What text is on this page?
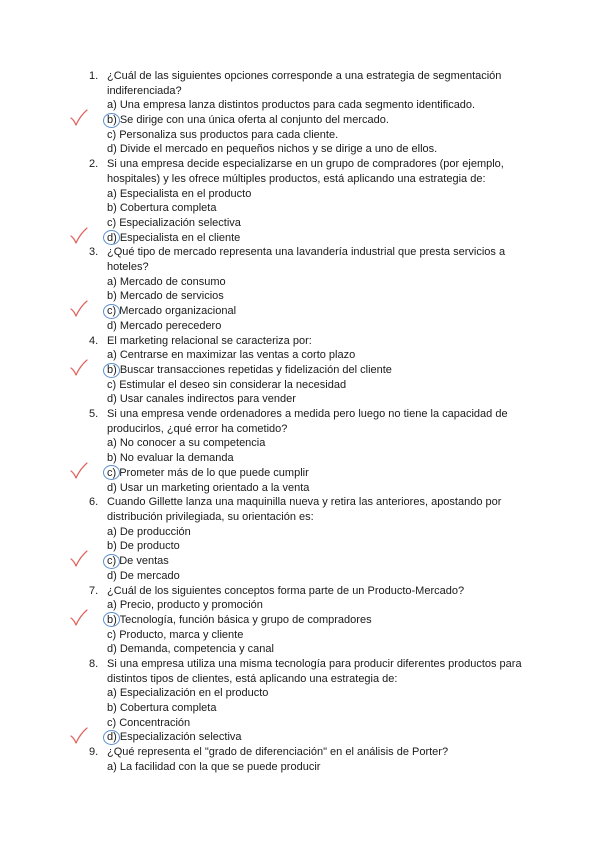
1. ¿Cuál de las siguientes opciones corresponde a una estrategia de segmentación
indiferenciada?
a) Una empresa lanza distintos productos para cada segmento identificado.
b) Se dirige con una única oferta al conjunto del mercado.
c) Personaliza sus productos para cada cliente.
d) Divide el mercado en pequeños nichos y se dirige a uno de ellos.
2. Si una empresa decide especializarse en un grupo de compradores (por ejemplo,
hospitales) y les ofrece múltiples productos, está aplicando una estrategia de:
a) Especialista en el producto
b) Cobertura completa
c) Especialización selectiva
d) Especialista en el cliente
3. ¿Qué tipo de mercado representa una lavandería industrial que presta servicios a
hoteles?
a) Mercado de consumo
b) Mercado de servicios
c) Mercado organizacional
d) Mercado perecedero
4. El marketing relacional se caracteriza por:
a) Centrarse en maximizar las ventas a corto plazo
b) Buscar transacciones repetidas y fidelización del cliente
c) Estimular el deseo sin considerar la necesidad
d) Usar canales indirectos para vender
5. Si una empresa vende ordenadores a medida pero luego no tiene la capacidad de
producirlos, ¿qué error ha cometido?
a) No conocer a su competencia
b) No evaluar la demanda
c) Prometer más de lo que puede cumplir
d) Usar un marketing orientado a la venta
6. Cuando Gillette lanza una maquinilla nueva y retira las anteriores, apostando por
distribución privilegiada, su orientación es:
a) De producción
b) De producto
c) De ventas
d) De mercado
7. ¿Cuál de los siguientes conceptos forma parte de un Producto-Mercado?
a) Precio, producto y promoción
b) Tecnología, función básica y grupo de compradores
c) Producto, marca y cliente
d) Demanda, competencia y canal
8. Si una empresa utiliza una misma tecnología para producir diferentes productos para
distintos tipos de clientes, está aplicando una estrategia de:
a) Especialización en el producto
b) Cobertura completa
c) Concentración
d) Especialización selectiva
9. ¿Qué representa el "grado de diferenciación" en el análisis de Porter?
a) La facilidad con la que se puede producir
